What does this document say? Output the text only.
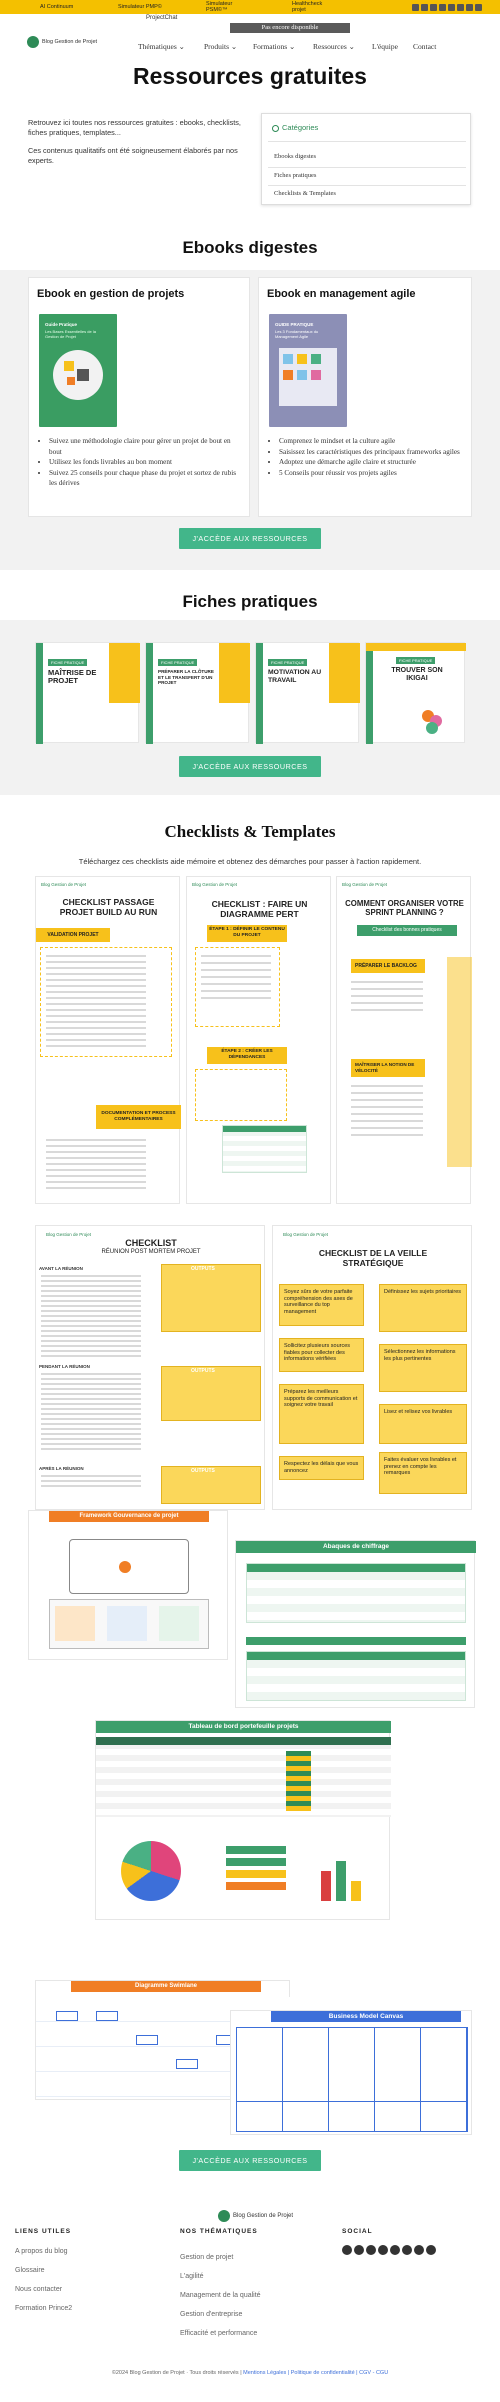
AI Continuum	Simulateur PMP©	Simulateur PSM©™
Healthcheck projet
ProjectChat
Pas encore disponible
Blog Gestion de Projet	Thématiques ⌄	Produits ⌄ Formations ⌄ Ressources ⌄ L'équipe Contact
Ressources gratuites

Retrouvez ici toutes nos ressources gratuites : ebooks, checklists, fiches pratiques, templates...

Ces contenus qualitatifs ont été soigneusement élaborés par nos experts.

Catégories
Ebooks digestes
Fiches pratiques
Checklists & Templates
Ebooks digestes
Ebook en gestion de projets
Guide Pratique
Les Bases Essentielles de la Gestion de Projet
• Suivez une méthodologie claire pour gérer un projet de bout en bout
• Utilisez les fonds livrables au bon moment
• Suivez 25 conseils pour chaque phase du projet et sortez de rubis les dérives
Ebook en management agile
GUIDE PRATIQUE
Les 3 Fondamentaux du Management Agile
• Comprenez le mindset et la culture agile
• Saisissez les caractéristiques des principaux frameworks agiles
• Adoptez une démarche agile claire et structurée
• 5 Conseils pour réussir vos projets agiles
J'ACCÈDE AUX RESSOURCES
Fiches pratiques
FICHE PRATIQUE
MAÎTRISE DE PROJET
FICHE PRATIQUE
PRÉPARER LA CLÔTURE ET LE TRANSFERT D'UN PROJET
FICHE PRATIQUE
MOTIVATION AU TRAVAIL
FICHE PRATIQUE
TROUVER SON IKIGAI
J'ACCÈDE AUX RESSOURCES
Checklists & Templates
Téléchargez ces checklists aide mémoire et obtenez des démarches pour passer à l'action rapidement.
Blog Gestion de Projet
CHECKLIST PASSAGE PROJET BUILD AU RUN
VALIDATION PROJET
DOCUMENTATION ET PROCESS COMPLÉMENTAIRES
Blog Gestion de Projet
CHECKLIST : FAIRE UN DIAGRAMME PERT
ÉTAPE 1 : DÉFINIR LE CONTENU DU PROJET
ÉTAPE 2 : CRÉER LES DÉPENDANCES
Blog Gestion de Projet
COMMENT ORGANISER VOTRE SPRINT PLANNING ?
Checklist des bonnes pratiques
PRÉPARER LE BACKLOG
MAÎTRISER LA NOTION DE VÉLOCITÉ
Blog Gestion de Projet
CHECKLIST
RÉUNION POST MORTEM PROJET
AVANT LA RÉUNION
PENDANT LA RÉUNION
APRÈS LA RÉUNION
OUTPUTS
OUTPUTS
OUTPUTS
Blog Gestion de Projet
CHECKLIST DE LA VEILLE STRATÉGIQUE
Soyez sûrs de votre parfaite compréhension des axes de surveillance du top management
Sollicitez plusieurs sources fiables pour collecter des informations vérifiées
Préparez les meilleurs supports de communication et soignez votre travail
Respectez les délais que vous annoncez
Définissez les sujets prioritaires
Sélectionnez les informations les plus pertinentes
Lisez et relisez vos livrables
Faites évaluer vos livrables et prenez en compte les remarques
Framework Gouvernance de projet
Abaques de chiffrage
Tableau de bord portefeuille projets
Diagramme Swimlane
Business Model Canvas
J'ACCÈDE AUX RESSOURCES
Blog Gestion de Projet
LIENS UTILES
A propos du blog
Glossaire
Nous contacter
Formation Prince2
NOS THÉMATIQUES
Gestion de projet
L'agilité
Management de la qualité
Gestion d'entreprise
Efficacité et performance
SOCIAL
©2024 Blog Gestion de Projet · Tous droits réservés | Mentions Légales | Politique de confidentialité | CGV - CGU
